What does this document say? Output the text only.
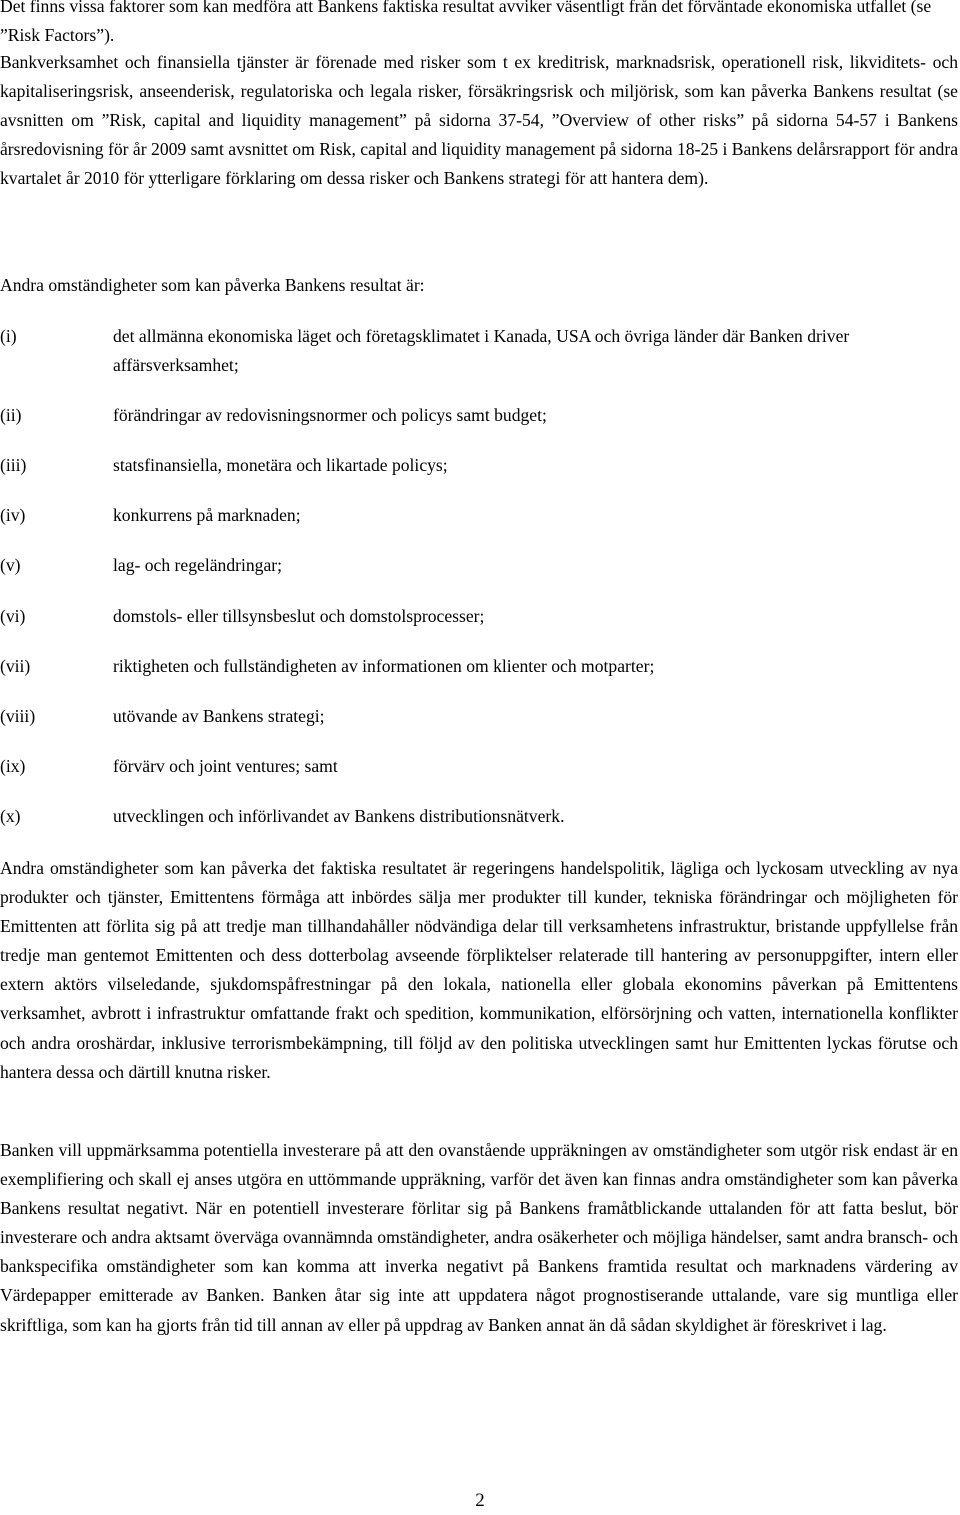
Det finns vissa faktorer som kan medföra att Bankens faktiska resultat avviker väsentligt från det förväntade ekonomiska utfallet (se ”Risk Factors”).

Bankverksamhet och finansiella tjänster är förenade med risker som t ex kreditrisk, marknadsrisk, operationell risk, likviditets- och kapitaliseringsrisk, anseenderisk, regulatoriska och legala risker, försäkringsrisk och miljörisk, som kan påverka Bankens resultat (se avsnitten om ”Risk, capital and liquidity management” på sidorna 37-54, ”Overview of other risks” på sidorna 54-57 i Bankens årsredovisning för år 2009 samt avsnittet om Risk, capital and liquidity management på sidorna 18-25 i Bankens delårsrapport för andra kvartalet år 2010 för ytterligare förklaring om dessa risker och Bankens strategi för att hantera dem).

Andra omständigheter som kan påverka Bankens resultat är:

(i)	det allmänna ekonomiska läget och företagsklimatet i Kanada, USA och övriga länder där Banken driver affärsverksamhet;
(ii)	förändringar av redovisningsnormer och policys samt budget;
(iii)	statsfinansiella, monetära och likartade policys;
(iv)	konkurrens på marknaden;
(v)	lag- och regeländringar;
(vi)	domstols- eller tillsynsbeslut och domstolsprocesser;
(vii)	riktigheten och fullständigheten av informationen om klienter och motparter;
(viii)	utövande av Bankens strategi;
(ix)	förvärv och joint ventures; samt
(x)	utvecklingen och införlivandet av Bankens distributionsnätverk.

Andra omständigheter som kan påverka det faktiska resultatet är regeringens handelspolitik, lägliga och lyckosam utveckling av nya produkter och tjänster, Emittentens förmåga att inbördes sälja mer produkter till kunder, tekniska förändringar och möjligheten för Emittenten att förlita sig på att tredje man tillhandahåller nödvändiga delar till verksamhetens infrastruktur, bristande uppfyllelse från tredje man gentemot Emittenten och dess dotterbolag avseende förpliktelser relaterade till hantering av personuppgifter, intern eller extern aktörs vilseledande, sjukdomspåfrestningar på den lokala, nationella eller globala ekonomins påverkan på Emittentens verksamhet, avbrott i infrastruktur omfattande frakt och spedition, kommunikation, elförsörjning och vatten, internationella konflikter och andra oroshärdar, inklusive terrorismbekämpning, till följd av den politiska utvecklingen samt hur Emittenten lyckas förutse och hantera dessa och därtill knutna risker.

Banken vill uppmärksamma potentiella investerare på att den ovanstående uppräkningen av omständigheter som utgör risk endast är en exemplifiering och skall ej anses utgöra en uttömmande uppräkning, varför det även kan finnas andra omständigheter som kan påverka Bankens resultat negativt. När en potentiell investerare förlitar sig på Bankens framåtblickande uttalanden för att fatta beslut, bör investerare och andra aktsamt överväga ovannämnda omständigheter, andra osäkerheter och möjliga händelser, samt andra bransch- och bankspecifika omständigheter som kan komma att inverka negativt på Bankens framtida resultat och marknadens värdering av Värdepapper emitterade av Banken. Banken åtar sig inte att uppdatera något prognostiserande uttalande, vare sig muntliga eller skriftliga, som kan ha gjorts från tid till annan av eller på uppdrag av Banken annat än då sådan skyldighet är föreskrivet i lag.

2
